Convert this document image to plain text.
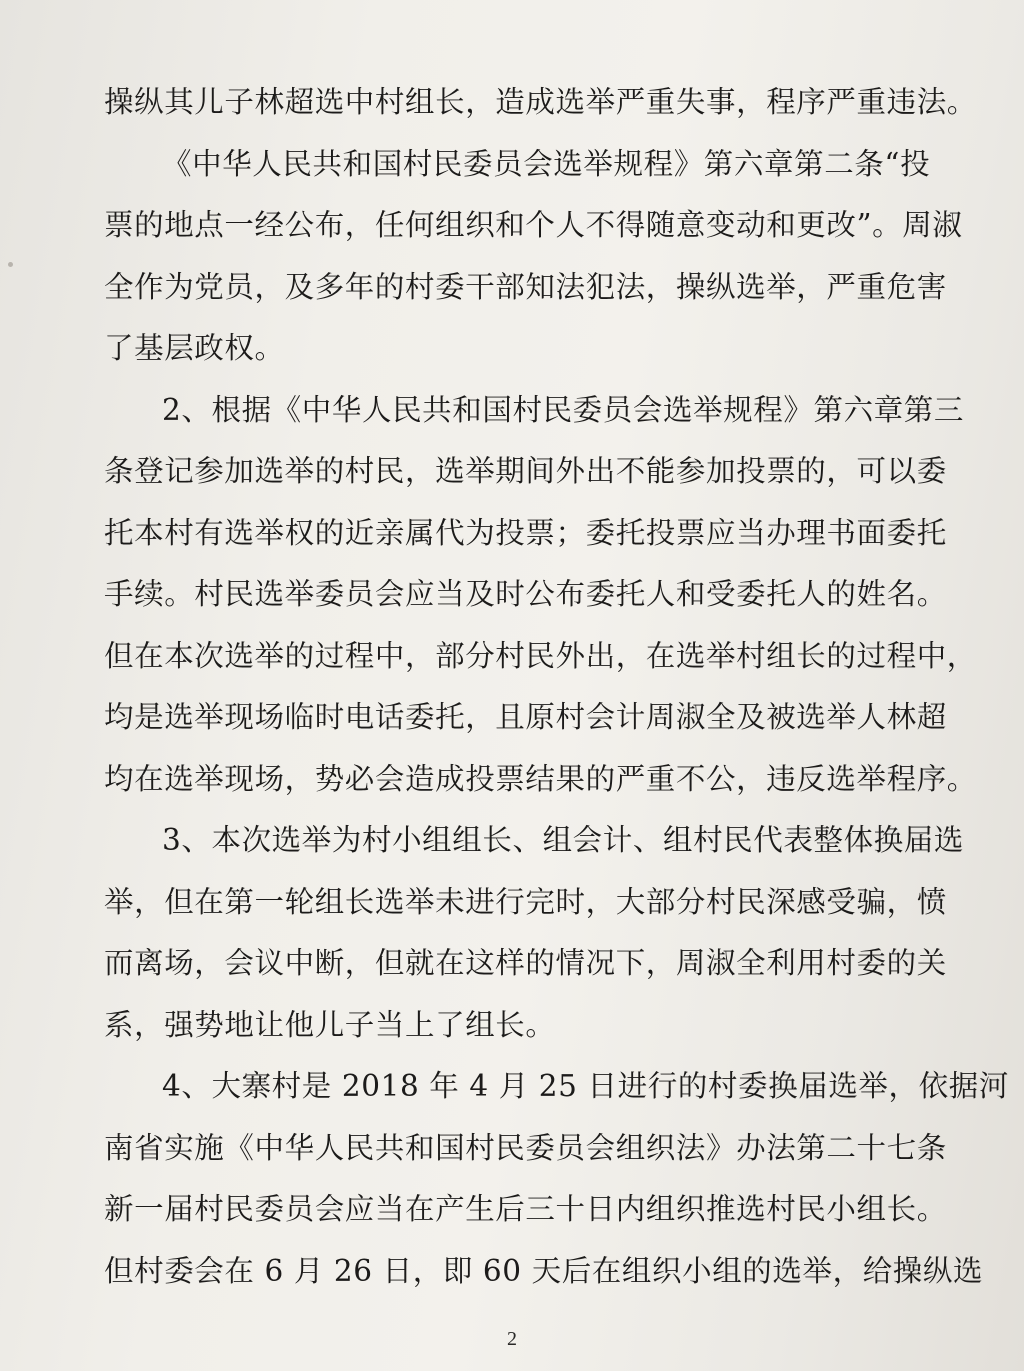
操纵其儿子林超选中村组长，造成选举严重失事，程序严重违法。
《中华人民共和国村民委员会选举规程》第六章第二条“投
票的地点一经公布，任何组织和个人不得随意变动和更改”。周淑
全作为党员，及多年的村委干部知法犯法，操纵选举，严重危害
了基层政权。
2、根据《中华人民共和国村民委员会选举规程》第六章第三
条登记参加选举的村民，选举期间外出不能参加投票的，可以委
托本村有选举权的近亲属代为投票；委托投票应当办理书面委托
手续。村民选举委员会应当及时公布委托人和受委托人的姓名。
但在本次选举的过程中，部分村民外出，在选举村组长的过程中，
均是选举现场临时电话委托，且原村会计周淑全及被选举人林超
均在选举现场，势必会造成投票结果的严重不公，违反选举程序。
3、本次选举为村小组组长、组会计、组村民代表整体换届选
举，但在第一轮组长选举未进行完时，大部分村民深感受骗，愤
而离场，会议中断，但就在这样的情况下，周淑全利用村委的关
系，强势地让他儿子当上了组长。
4、大寨村是 2018 年 4 月 25 日进行的村委换届选举，依据河
南省实施《中华人民共和国村民委员会组织法》办法第二十七条
新一届村民委员会应当在产生后三十日内组织推选村民小组长。
但村委会在 6 月 26 日，即 60 天后在组织小组的选举，给操纵选
2
